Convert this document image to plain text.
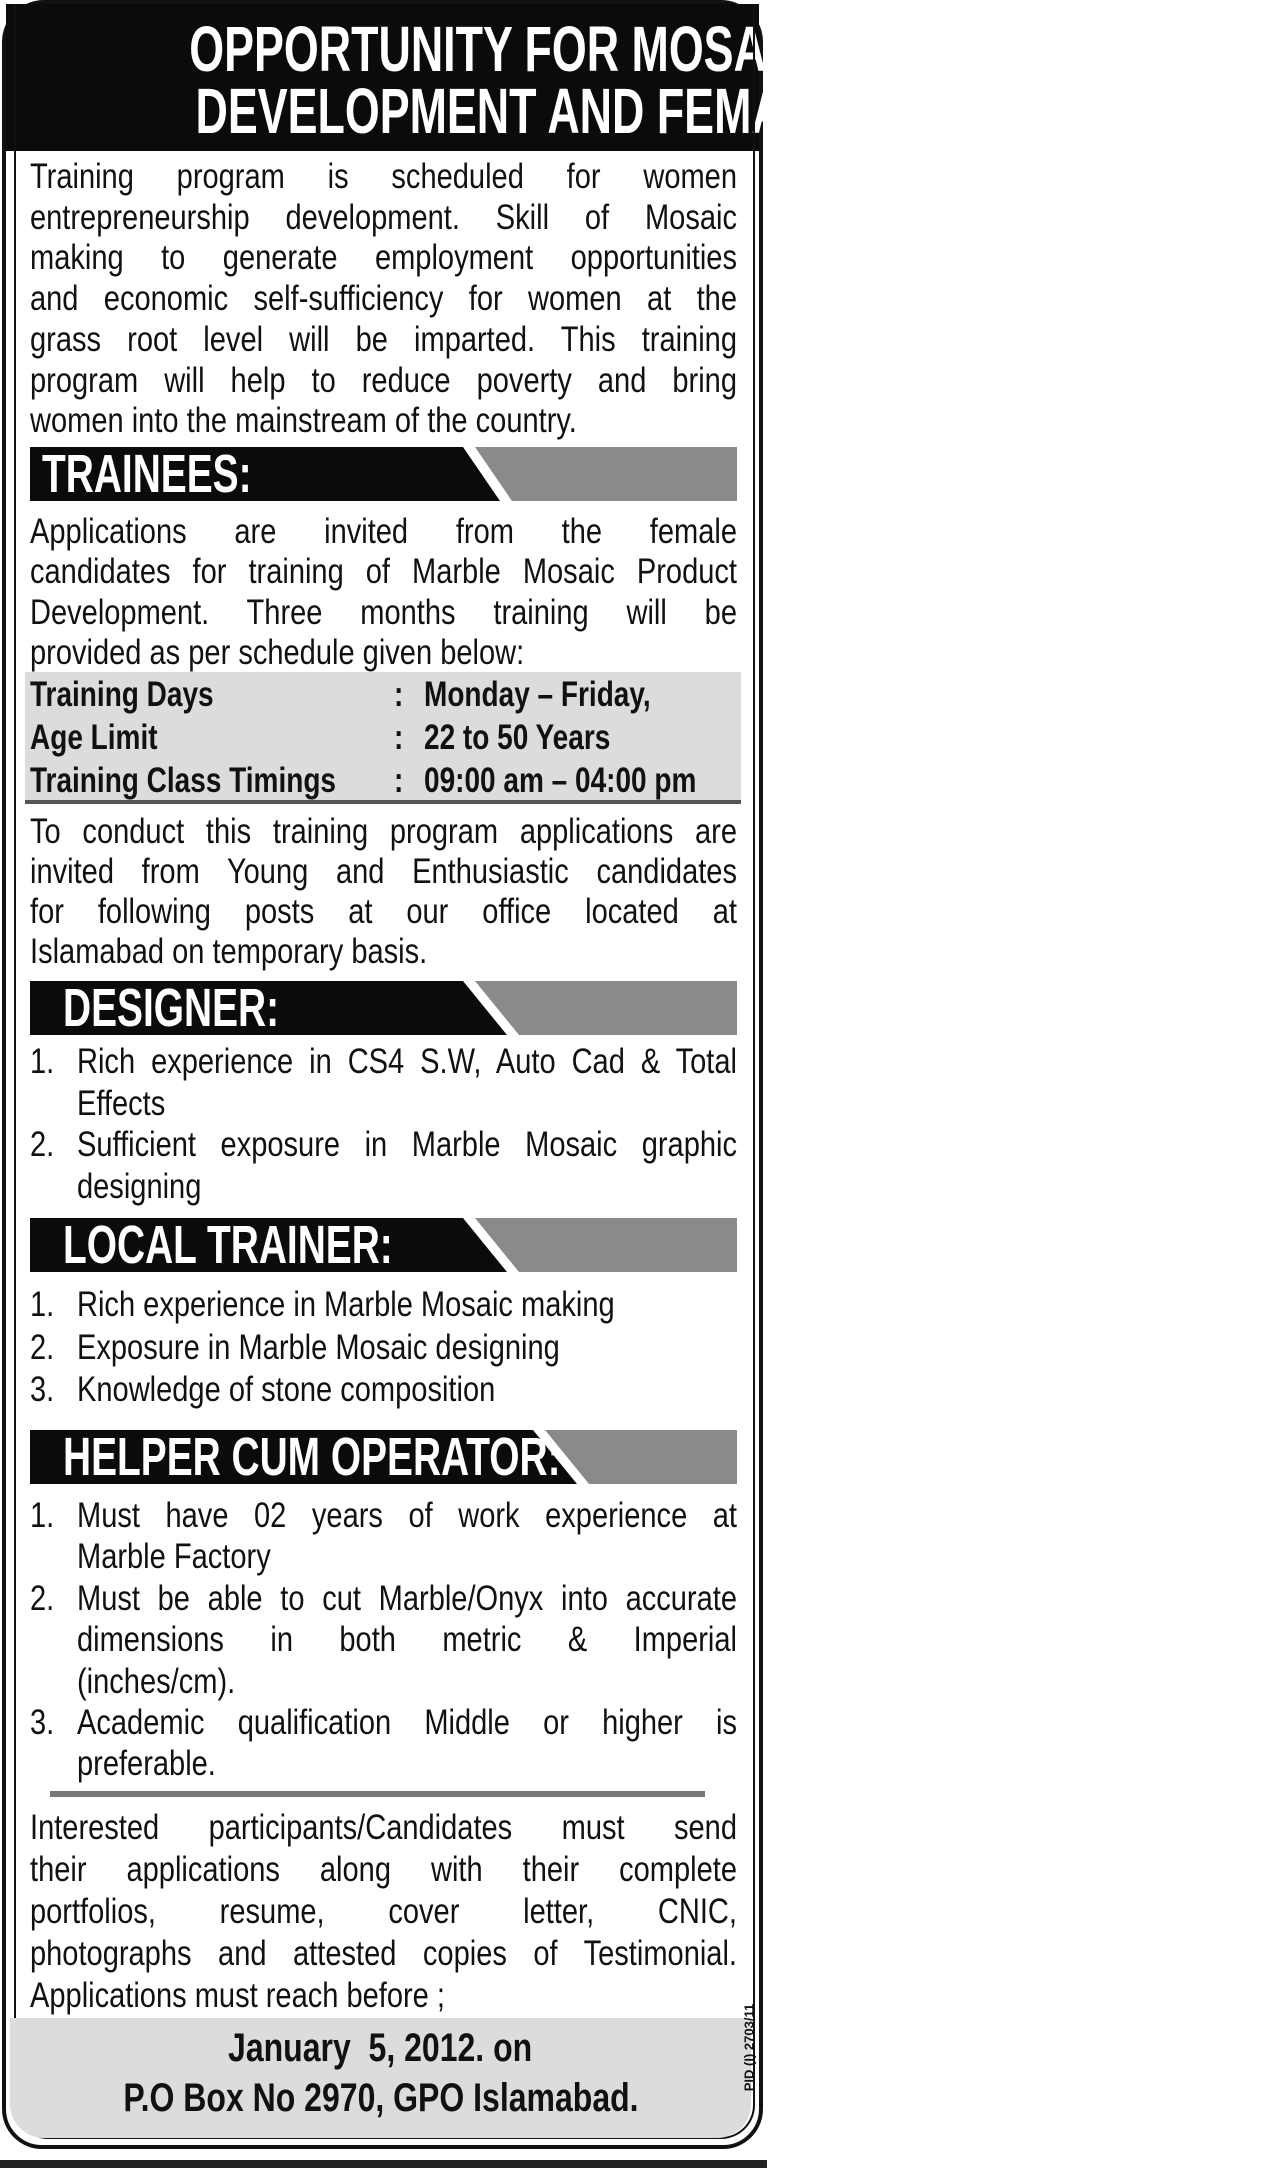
OPPORTUNITY FOR MOSAIC PRODUCT
DEVELOPMENT AND FEMALE TRAINEES
Training Days	: Monday – Friday,
Age Limit	: 22 to 50 Years
Training Class Timings : 09:00 am – 04:00 pm
January  5, 2012. on
P.O Box No 2970, GPO Islamabad.
PID (I) 2703/11
Training program is scheduled for women
entrepreneurship development. Skill of Mosaic
making to generate employment opportunities
and economic self-sufficiency for women at the
grass root level will be imparted. This training
program will help to reduce poverty and bring
women into the mainstream of the country.
TRAINEES:
Applications are invited from the female
candidates for training of Marble Mosaic Product
Development. Three months training will be
provided as per schedule given below:
To conduct this training program applications are
invited from Young and Enthusiastic candidates
for following posts at our office located at
Islamabad on temporary basis.
DESIGNER:
1. Rich experience in CS4 S.W, Auto Cad & Total
Effects
2. Sufficient exposure in Marble Mosaic graphic
designing
LOCAL TRAINER:
1. Rich experience in Marble Mosaic making
2. Exposure in Marble Mosaic designing
3. Knowledge of stone composition
HELPER CUM OPERATOR:
1. Must have 02 years of work experience at
Marble Factory
2. Must be able to cut Marble/Onyx into accurate
dimensions in both metric & Imperial
(inches/cm).
3. Academic qualification Middle or higher is
preferable.
Interested participants/Candidates must send
their applications along with their complete
portfolios, resume, cover letter, CNIC,
photographs and attested copies of Testimonial.
Applications must reach before ;
